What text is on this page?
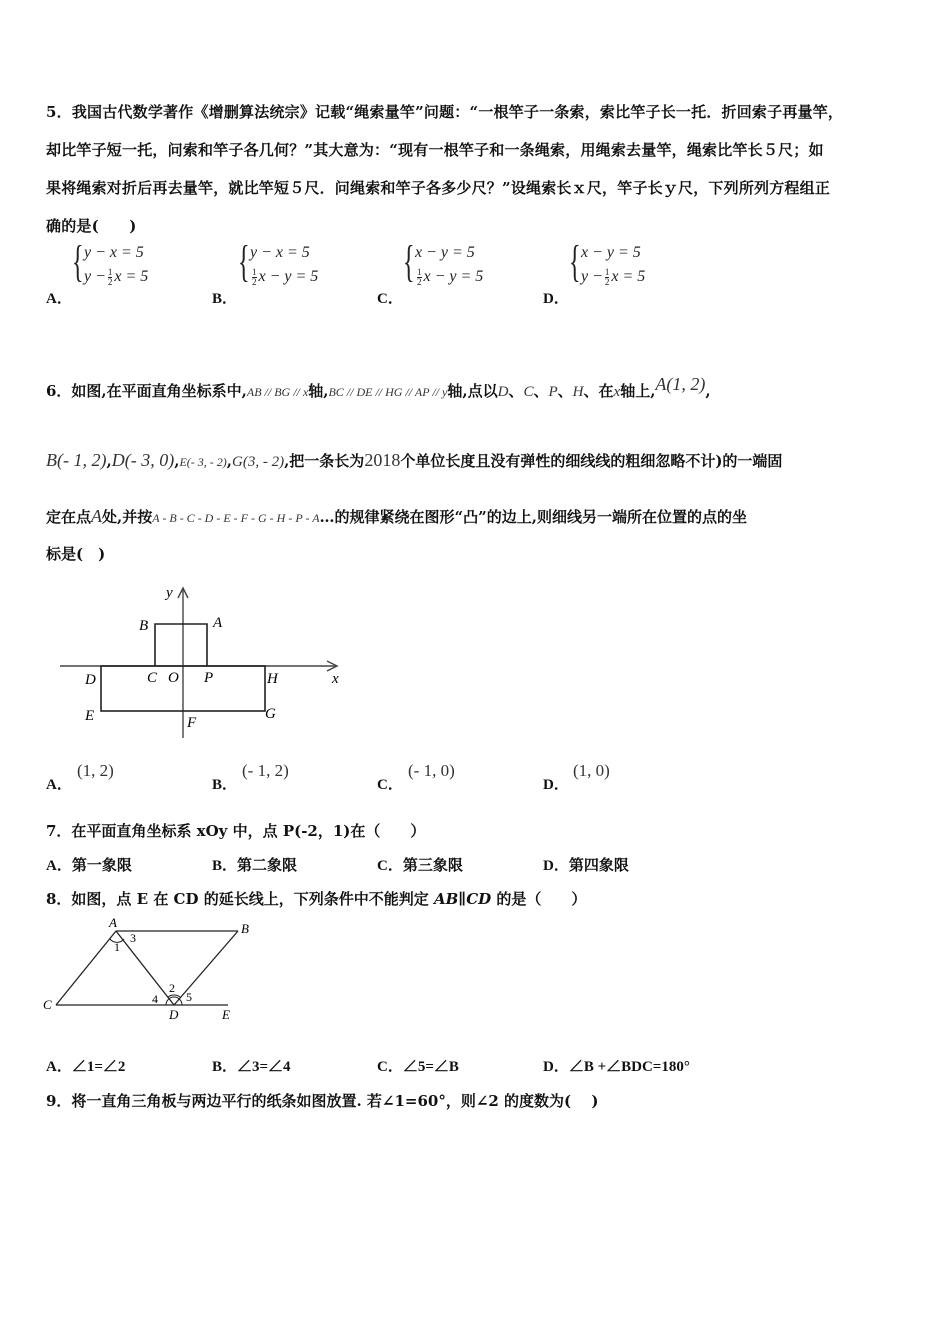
5．我国古代数学著作《增删算法统宗》记载“绳索量竿”问题：“一根竿子一条索，索比竿子长一托．折回索子再量竿，
却比竿子短一托，问索和竿子各几何？”其大意为：“现有一根竿子和一条绳索，用绳索去量竿，绳索比竿长５尺；如
果将绳索对折后再去量竿，就比竿短５尺．问绳索和竿子各多少尺？”设绳索长ｘ尺，竿子长ｙ尺，下列所列方程组正
确的是(　　)
A．
{ y − x = 5
$y - \frac{1}{2}$ x = 5
B．
{ y − x = 5
$\frac{1}{2}$ x − y = 5
C．
{ x − y = 5
$\frac{1}{2}$ x − y = 5
D．
{ x − y = 5
$y - \frac{1}{2}$ x = 5
6．如图,在平面直角坐标系中,AB // BG // x轴,BC // DE // HG // AP // y轴,点以D、C、P、H、在x轴上,A(1, 2),
B(- 1, 2),D(- 3, 0),E(- 3, - 2),G(3, - 2),把一条长为2018个单位长度且没有弹性的细线线的粗细忽略不计)的一端固
定在点A处,并按A - B - C - D - E - F - G - H - P - A…的规律紧绕在图形“凸”的边上,则细线另一端所在位置的点的坐
标是(　)
y
x
B	A
D	C O P	H
E	F
G
A．
(1, 2)
B．
(- 1, 2)
C．
(- 1, 0)
D．
(1, 0)
7．在平面直角坐标系 xOy 中，点 P(-2，1)在（　　）
A．第一象限	B．第二象限	C．第三象限	D．第四象限
8．如图，点 E 在 CD 的延长线上，下列条件中不能判定 AB∥CD 的是（　　）
A	B
C
D	E
1
3
2
4 5
A．∠1=∠2	B．∠3=∠4	C．∠5=∠B	D．∠B +∠BDC=180°
9．将一直角三角板与两边平行的纸条如图放置. 若∠1=60°，则∠2 的度数为(　 )
